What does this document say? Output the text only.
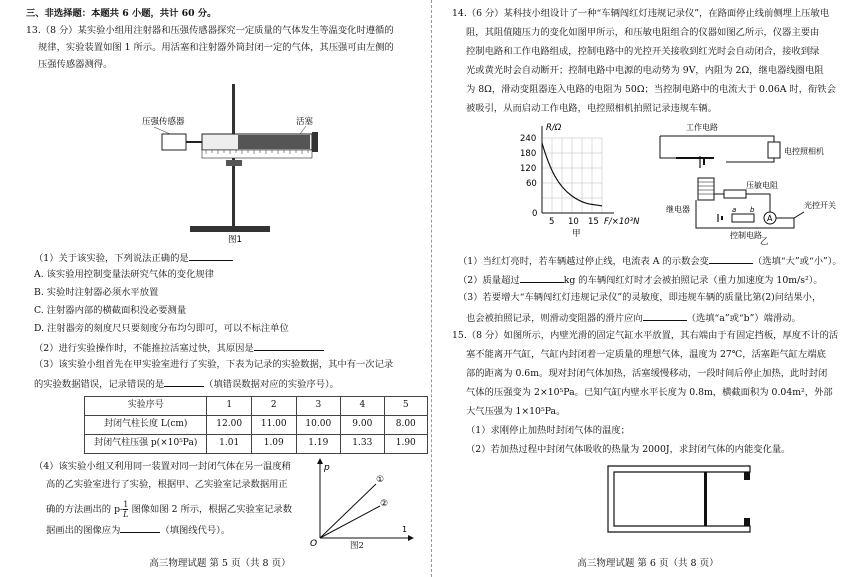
三、非选择题：本题共 6 小题，共计 60 分。

13.（8 分）某实验小组用注射器和压强传感器探究一定质量的气体发生等温变化时遵循的

规律，实验装置如图 1 所示。用活塞和注射器外筒封闭一定的气体，其压强可由左侧的

压强传感器测得。

压强传感器	活塞
图1

（1）关于该实验，下列说法正确的是

A. 该实验用控制变量法研究气体的变化规律

B. 实验时注射器必须水平放置

C. 注射器内部的横截面积没必要测量

D. 注射器旁的刻度尺只要刻度分布均匀即可，可以不标注单位

（2）进行实验操作时，不能推拉活塞过快，其原因是

（3）该实验小组首先在甲实验室进行了实验，下表为记录的实验数据，其中有一次记录

的实验数据错误，记录错误的是	（填错误数据对应的实验序号）。

实验序号	1	2	3	4	5
封闭气柱长度 L(cm)	12.00	11.00	10.00	9.00	8.00
封闭气柱压强 p(×10⁵Pa)	1.01	1.09	1.19	1.33	1.90

（4）该实验小组又利用同一装置对同一封闭气体在另一温度稍

高的乙实验室进行了实验，根据甲、乙实验室记录数据用正

确的方法画出的 $p- \frac{1}{L}$ 图像如图 2 所示，根据乙实验室记录数

据画出的图像应为	（填图线代号）。

p
O
1
①
②

图2

高三物理试题 第 5 页（共 8 页）

14.（6 分）某科技小组设计了一种“车辆闯红灯违规记录仪”，在路面停止线前侧埋上压敏电

阻，其阻值随压力的变化如图甲所示，和压敏电阻组合的仪器如图乙所示，仪器主要由

控制电路和工作电路组成，控制电路中的光控开关接收到红光时会自动闭合，接收到绿

光或黄光时会自动断开；控制电路中电源的电动势为 9V，内阻为 2Ω，继电器线圈电阻

为 8Ω，滑动变阻器连入电路的电阻为 50Ω；当控制电路中的电流大于 0.06A 时，衔铁会

被吸引，从而启动工作电路，电控照相机拍照记录违规车辆。

R/Ω
240
180
120
60
0
5 10 15 F/×10³N
甲
A
工作电路
电控照相机
压敏电阻
继电器	光控开关
控制电路
a b

乙

（1）当红灯亮时，若车辆越过停止线，电流表 A 的示数会变	（选填“大”或“小”）。

（2）质量超过	kg 的车辆闯红灯时才会被拍照记录（重力加速度为 10m/s²）。

（3）若要增大“车辆闯红灯违规记录仪”的灵敏度，即违规车辆的质量比第(2)问结果小，

也会被拍照记录，则滑动变阻器的滑片应向	（选填“a”或“b”）端滑动。

15.（8 分）如图所示，内壁光滑的固定气缸水平放置，其右端由于有固定挡板，厚度不计的活

塞不能离开气缸，气缸内封闭着一定质量的理想气体，温度为 27℃，活塞距气缸左端底

部的距离为 0.6m。现对封闭气体加热，活塞缓慢移动，一段时间后停止加热，此时封闭

气体的压强变为 2×10⁵Pa。已知气缸内壁水平长度为 0.8m，横截面积为 0.04m²，外部

大气压强为 1×10⁵Pa。

（1）求刚停止加热时封闭气体的温度；

（2）若加热过程中封闭气体吸收的热量为 2000J，求封闭气体的内能变化量。

高三物理试题 第 6 页（共 8 页）
